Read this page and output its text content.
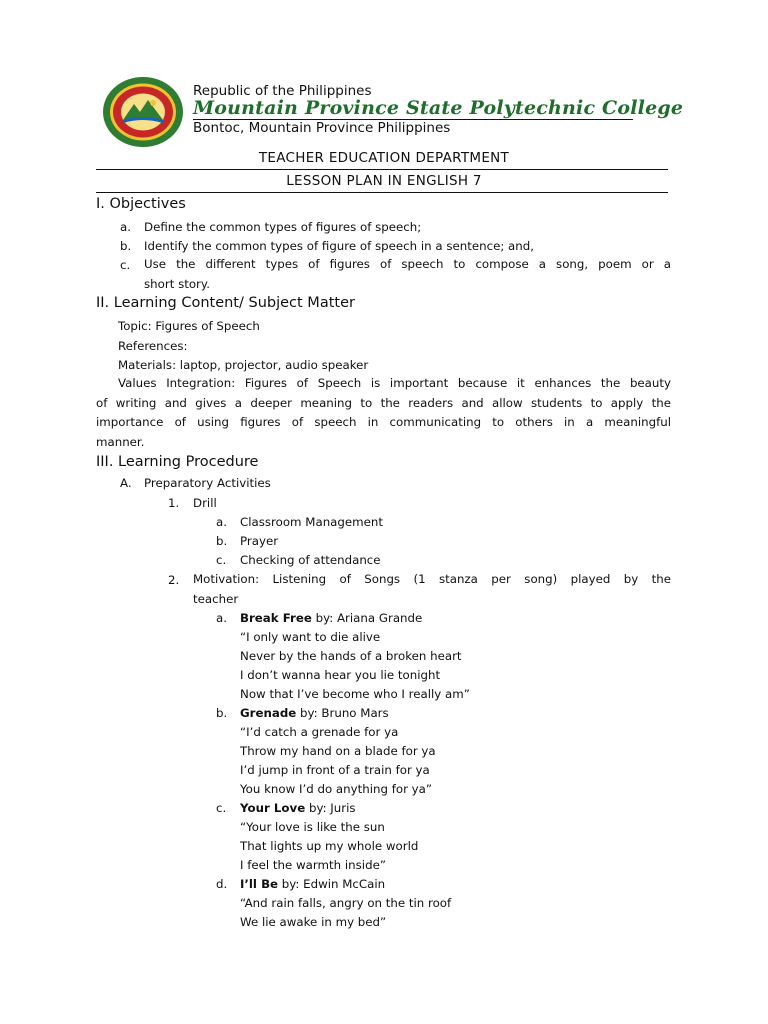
Republic of the Philippines
Mountain Province State Polytechnic College
Bontoc, Mountain Province Philippines
TEACHER EDUCATION DEPARTMENT
LESSON PLAN IN ENGLISH 7
I. Objectives
a. Define the common types of figures of speech;
b. Identify the common types of figure of speech in a sentence; and,
c. Use the different types of figures of speech to compose a song, poem or a
short story.
II. Learning Content/ Subject Matter
Topic: Figures of Speech
References:
Materials: laptop, projector, audio speaker
Values Integration: Figures of Speech is important because it enhances the beauty
of writing and gives a deeper meaning to the readers and allow students to apply the
importance of using figures of speech in communicating to others in a meaningful
manner.
III. Learning Procedure
A. Preparatory Activities
1. Drill
a. Classroom Management
b. Prayer
c. Checking of attendance
2. Motivation: Listening of Songs (1 stanza per song) played by the
teacher
a. Break Free by: Ariana Grande
“I only want to die alive
Never by the hands of a broken heart
I don’t wanna hear you lie tonight
Now that I’ve become who I really am”
b. Grenade by: Bruno Mars
“I’d catch a grenade for ya
Throw my hand on a blade for ya
I’d jump in front of a train for ya
You know I’d do anything for ya”
c. Your Love by: Juris
“Your love is like the sun
That lights up my whole world
I feel the warmth inside”
d. I’ll Be by: Edwin McCain
“And rain falls, angry on the tin roof
We lie awake in my bed”
